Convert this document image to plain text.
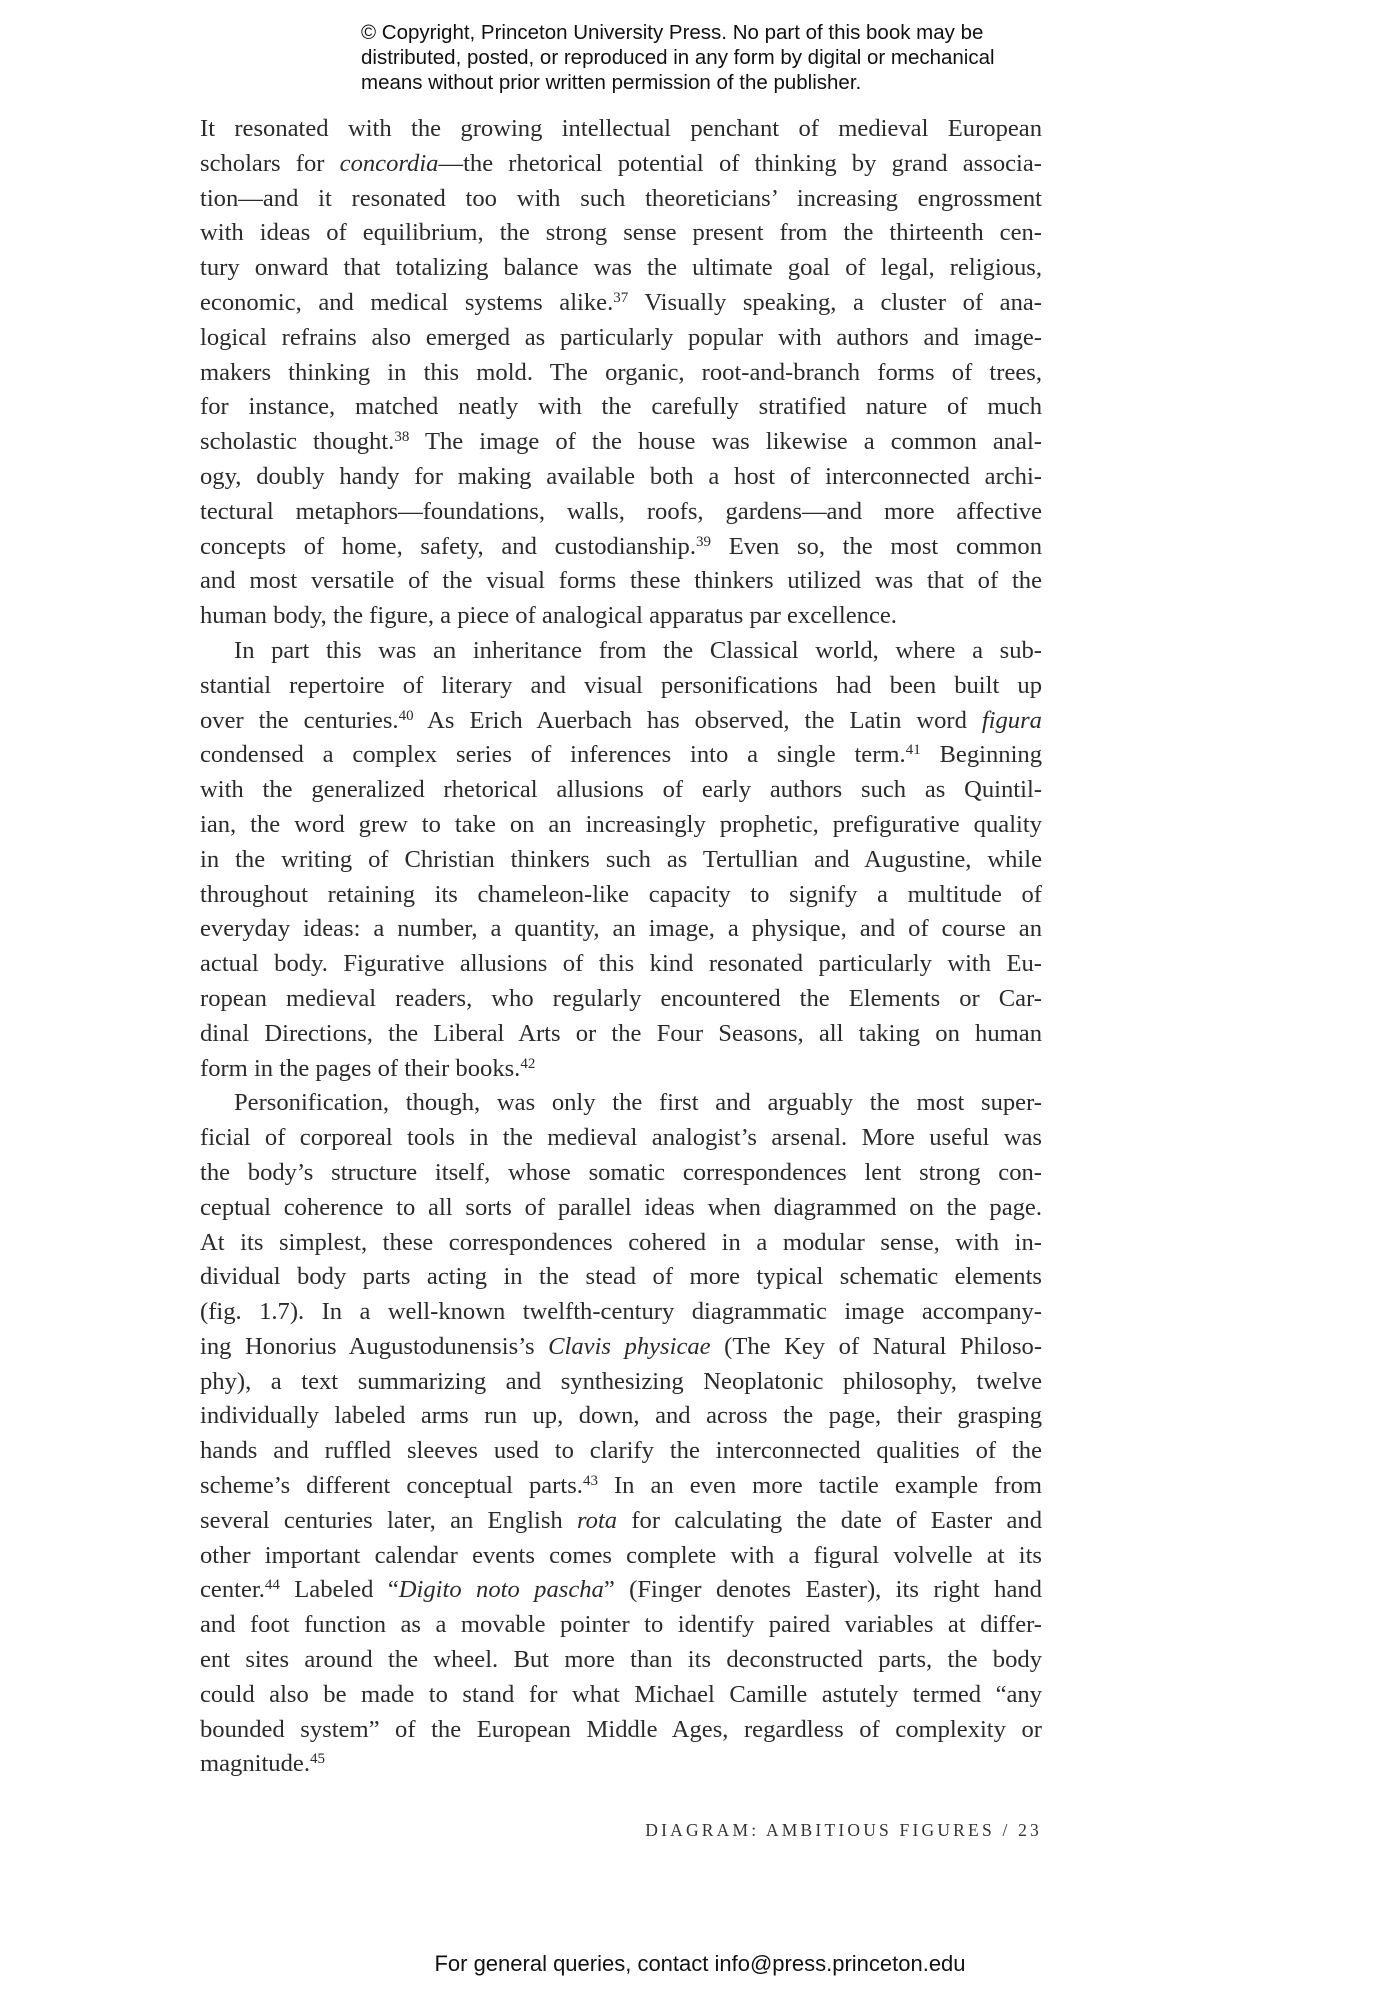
© Copyright, Princeton University Press. No part of this book may be
distributed, posted, or reproduced in any form by digital or mechanical
means without prior written permission of the publisher.
It resonated with the growing intellectual penchant of medieval European
scholars for concordia—the rhetorical potential of thinking by grand associa-
tion—and it resonated too with such theoreticians’ increasing engrossment
with ideas of equilibrium, the strong sense present from the thirteenth cen-
tury onward that totalizing balance was the ultimate goal of legal, religious,
economic, and medical systems alike.$^{37}$ Visually speaking, a cluster of ana-
logical refrains also emerged as particularly popular with authors and image-
makers thinking in this mold. The organic, root-and-branch forms of trees,
for instance, matched neatly with the carefully stratified nature of much
scholastic thought.$^{38}$ The image of the house was likewise a common anal-
ogy, doubly handy for making available both a host of interconnected archi-
tectural metaphors—foundations, walls, roofs, gardens—and more affective
concepts of home, safety, and custodianship.$^{39}$ Even so, the most common
and most versatile of the visual forms these thinkers utilized was that of the
human body, the figure, a piece of analogical apparatus par excellence.
In part this was an inheritance from the Classical world, where a sub-
stantial repertoire of literary and visual personifications had been built up
over the centuries.$^{40}$ As Erich Auerbach has observed, the Latin word figura
condensed a complex series of inferences into a single term.$^{41}$ Beginning
with the generalized rhetorical allusions of early authors such as Quintil-
ian, the word grew to take on an increasingly prophetic, prefigurative quality
in the writing of Christian thinkers such as Tertullian and Augustine, while
throughout retaining its chameleon-like capacity to signify a multitude of
everyday ideas: a number, a quantity, an image, a physique, and of course an
actual body. Figurative allusions of this kind resonated particularly with Eu-
ropean medieval readers, who regularly encountered the Elements or Car-
dinal Directions, the Liberal Arts or the Four Seasons, all taking on human
form in the pages of their books.$^{42}$
Personification, though, was only the first and arguably the most super-
ficial of corporeal tools in the medieval analogist’s arsenal. More useful was
the body’s structure itself, whose somatic correspondences lent strong con-
ceptual coherence to all sorts of parallel ideas when diagrammed on the page.
At its simplest, these correspondences cohered in a modular sense, with in-
dividual body parts acting in the stead of more typical schematic elements
(fig. 1.7). In a well-known twelfth-century diagrammatic image accompany-
ing Honorius Augustodunensis’s Clavis physicae (The Key of Natural Philoso-
phy), a text summarizing and synthesizing Neoplatonic philosophy, twelve
individually labeled arms run up, down, and across the page, their grasping
hands and ruffled sleeves used to clarify the interconnected qualities of the
scheme’s different conceptual parts.$^{43}$ In an even more tactile example from
several centuries later, an English rota for calculating the date of Easter and
other important calendar events comes complete with a figural volvelle at its
center.$^{44}$ Labeled “Digito noto pascha” (Finger denotes Easter), its right hand
and foot function as a movable pointer to identify paired variables at differ-
ent sites around the wheel. But more than its deconstructed parts, the body
could also be made to stand for what Michael Camille astutely termed “any
bounded system” of the European Middle Ages, regardless of complexity or
magnitude.$^{45}$
DIAGRAM: AMBITIOUS FIGURES / 23
For general queries, contact info@press.princeton.edu
